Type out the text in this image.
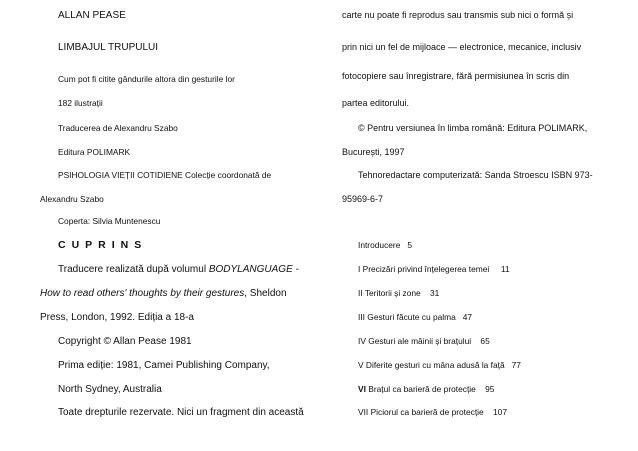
ALLAN PEASE
LIMBAJUL TRUPULUI
Cum pot fi citite gândurile altora din gesturile lor
182 ilustrații
Traducerea de Alexandru Szabo
Editura POLIMARK
PSIHOLOGIA VIEȚII COTIDIENE Colecție coordonată de
Alexandru Szabo
Coperta: Silvia Muntenescu
CUPRINS
Traducere realizată după volumul BODYLANGUAGE -
How to read others' thoughts by their gestures, Sheldon
Press, London, 1992. Ediția a 18-a
Copyright © Allan Pease 1981
Prima ediție: 1981, Camei Publishing Company,
North Sydney, Australia
Toate drepturile rezervate. Nici un fragment din această
carte nu poate fi reprodus sau transmis sub nici o formă și
prin nici un fel de mijloace — electronice, mecanice, inclusiv
fotocopiere sau înregistrare, fără permisiunea în scris din
partea editorului.
© Pentru versiunea în limba română: Editura POLIMARK,
București, 1997
Tehnoredactare computerizată: Sanda Stroescu ISBN 973-
95969-6-7
Introducere 5
I Precizări privind înțelegerea temei 11
II Teritorii și zone 31
III Gesturi făcute cu palma 47
IV Gesturi ale mâinii și brațului 65
V Diferite gesturi cu mâna adusă la față 77
VI Brațul ca barieră de protecție 95
VII Piciorul ca barieră de protecție 107
